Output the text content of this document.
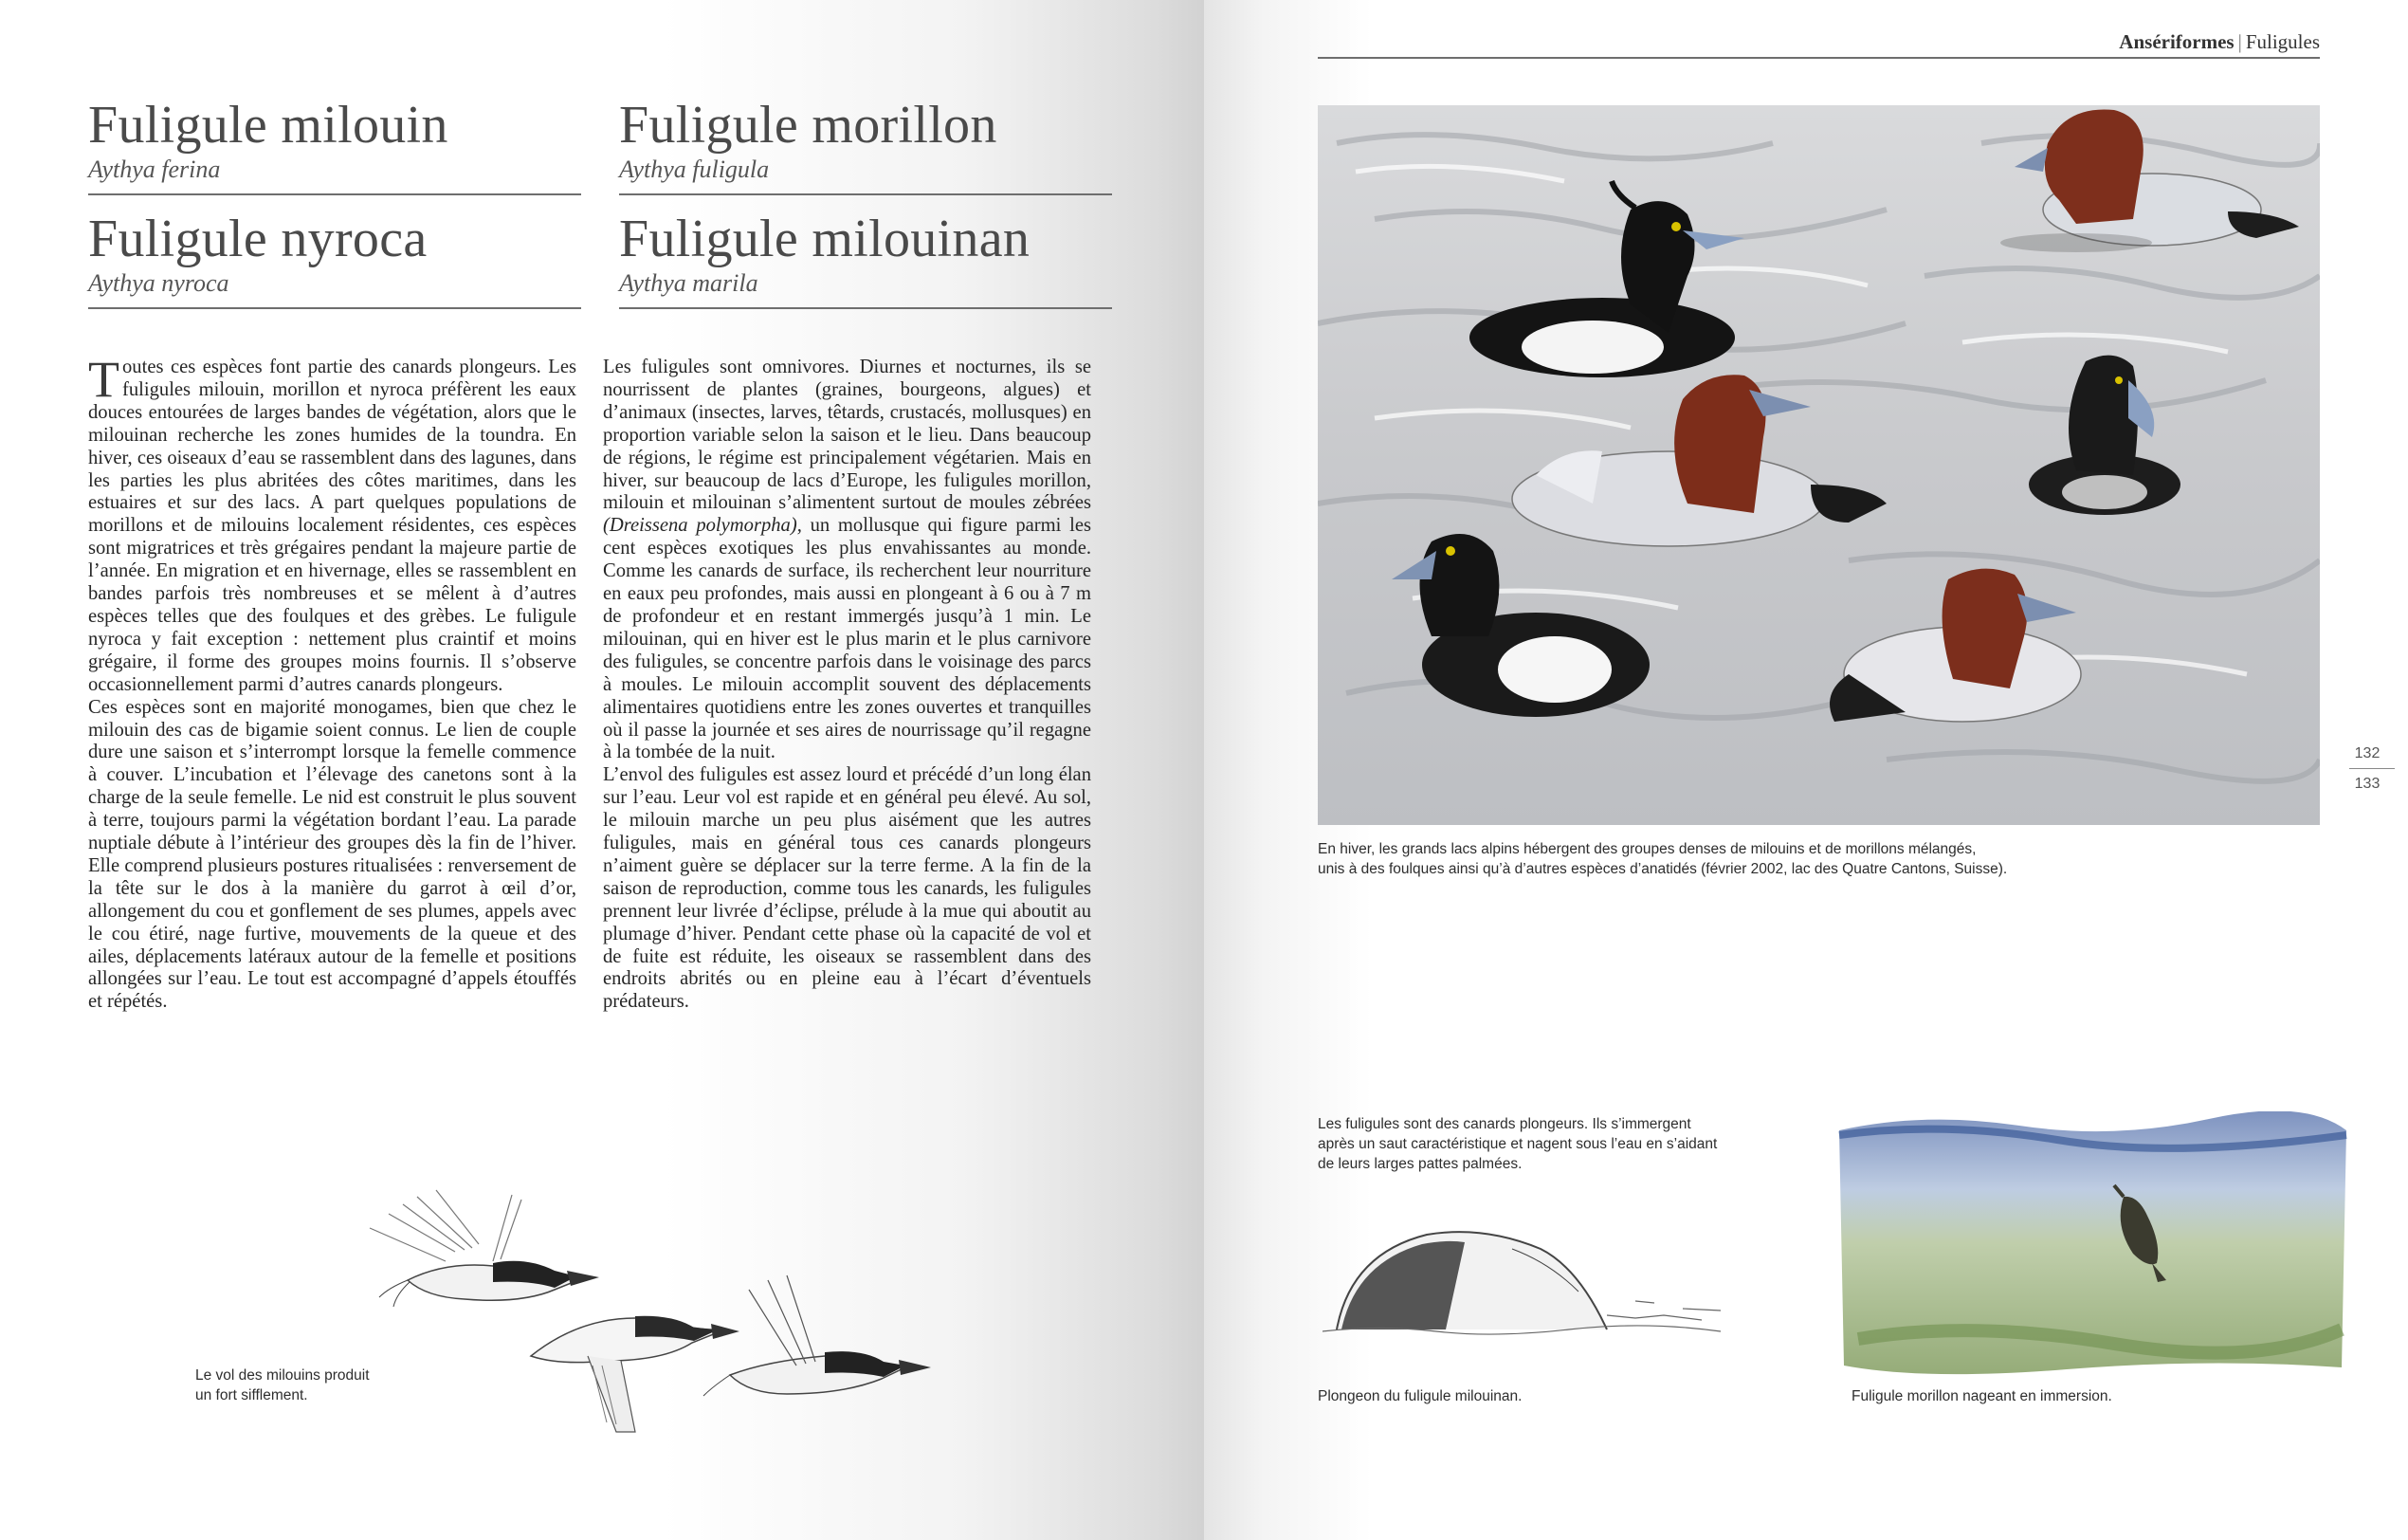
Fuligule milouin
Aythya ferina
Fuligule morillon
Aythya fuligula
Fuligule nyroca
Aythya nyroca
Fuligule milouinan
Aythya marila

Toutes ces espèces font partie des canards plongeurs. Les fuligules milouin, morillon et nyroca préfèrent les eaux douces entourées de larges bandes de végétation, alors que le milouinan recherche les zones humides de la toundra. En hiver, ces oiseaux d’eau se rassemblent dans des lagunes, dans les parties les plus abritées des côtes maritimes, dans les estuaires et sur des lacs. A part quelques populations de morillons et de milouins localement résidentes, ces espèces sont migratrices et très grégaires pendant la majeure partie de l’année. En migration et en hivernage, elles se rassemblent en bandes parfois très nombreuses et se mêlent à d’autres espèces telles que des foulques et des grèbes. Le fuligule nyroca y fait exception : nettement plus craintif et moins grégaire, il forme des groupes moins fournis. Il s’observe occasionnellement parmi d’autres canards plongeurs.

Ces espèces sont en majorité monogames, bien que chez le milouin des cas de bigamie soient connus. Le lien de couple dure une saison et s’interrompt lorsque la femelle commence à couver. L’incubation et l’élevage des canetons sont à la charge de la seule femelle. Le nid est construit le plus souvent à terre, toujours parmi la végétation bordant l’eau. La parade nuptiale débute à l’intérieur des groupes dès la fin de l’hiver. Elle comprend plusieurs postures ritualisées : renversement de la tête sur le dos à la manière du garrot à œil d’or, allongement du cou et gonflement de ses plumes, appels avec le cou étiré, nage furtive, mouvements de la queue et des ailes, déplacements latéraux autour de la femelle et positions allongées sur l’eau. Le tout est accompagné d’appels étouffés et répétés.

Les fuligules sont omnivores. Diurnes et nocturnes, ils se nourrissent de plantes (graines, bourgeons, algues) et d’animaux (insectes, larves, têtards, crustacés, mollusques) en proportion variable selon la saison et le lieu. Dans beaucoup de régions, le régime est principalement végétarien. Mais en hiver, sur beaucoup de lacs d’Europe, les fuligules morillon, milouin et milouinan s’alimentent surtout de moules zébrées (Dreissena polymorpha), un mollusque qui figure parmi les cent espèces exotiques les plus envahissantes au monde. Comme les canards de surface, ils recherchent leur nourriture en eaux peu profondes, mais aussi en plongeant à 6 ou à 7 m de profondeur et en restant immergés jusqu’à 1 min. Le milouinan, qui en hiver est le plus marin et le plus carnivore des fuligules, se concentre parfois dans le voisinage des parcs à moules. Le milouin accomplit souvent des déplacements alimentaires quotidiens entre les zones ouvertes et tranquilles où il passe la journée et ses aires de nourrissage qu’il regagne à la tombée de la nuit.

L’envol des fuligules est assez lourd et précédé d’un long élan sur l’eau. Leur vol est rapide et en général peu élevé. Au sol, le milouin marche un peu plus aisément que les autres fuligules, mais en général tous ces canards plongeurs n’aiment guère se déplacer sur la terre ferme. A la fin de la saison de reproduction, comme tous les canards, les fuligules prennent leur livrée d’éclipse, prélude à la mue qui aboutit au plumage d’hiver. Pendant cette phase où la capacité de vol et de fuite est réduite, les oiseaux se rassemblent dans des endroits abrités ou en pleine eau à l’écart d’éventuels prédateurs.

Le vol des milouins produit
un fort sifflement.
Ansériformes | Fuligules
En hiver, les grands lacs alpins hébergent des groupes denses de milouins et de morillons mélangés,
unis à des foulques ainsi qu’à d’autres espèces d’anatidés (février 2002, lac des Quatre Cantons, Suisse).
132
133
Les fuligules sont des canards plongeurs. Ils s’immergent
après un saut caractéristique et nagent sous l’eau en s’aidant
de leurs larges pattes palmées.
Plongeon du fuligule milouinan.	Fuligule morillon nageant en immersion.
